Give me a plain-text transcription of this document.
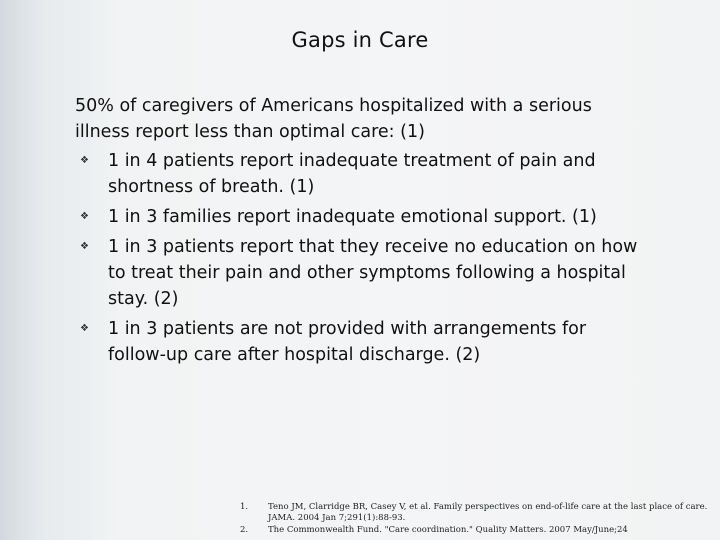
Gaps in Care
50% of caregivers of Americans hospitalized with a serious illness report less than optimal care: (1)
❖	1 in 4 patients report inadequate treatment of pain and shortness of breath. (1)
❖	1 in 3 families report inadequate emotional support. (1)
❖	1 in 3 patients report that they receive no education on how to treat their pain and other symptoms following a hospital stay. (2)
❖	1 in 3 patients are not provided with arrangements for follow-up care after hospital discharge. (2)
1.	Teno JM, Clarridge BR, Casey V, et al. Family perspectives on end-of-life care at the last place of care. JAMA. 2004 Jan 7;291(1):88-93.
2.	The Commonwealth Fund. "Care coordination." Quality Matters. 2007 May/June;24
